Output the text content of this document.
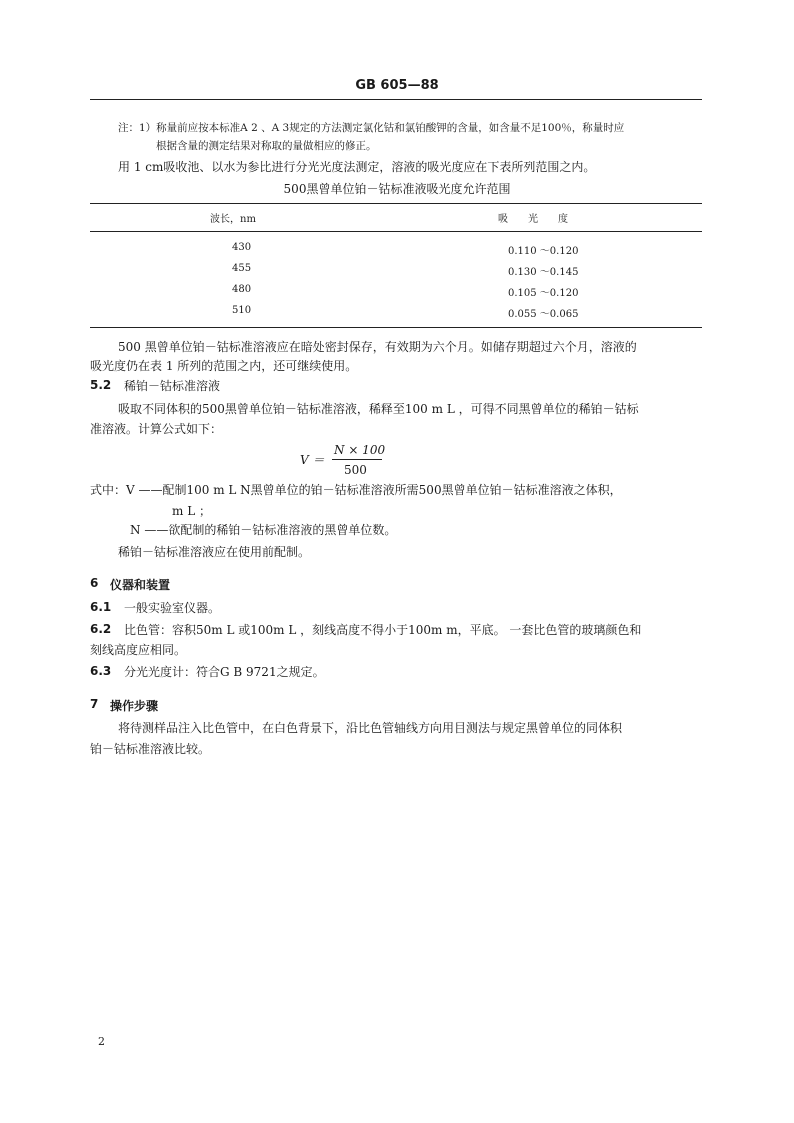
GB 605—88
注：1）称量前应按本标准A 2 、A 3规定的方法测定氯化钴和氯铂酸钾的含量，如含量不足100％，称量时应
根据含量的测定结果对称取的量做相应的修正。
用 1 cm吸收池、以水为参比进行分光光度法测定，溶液的吸光度应在下表所列范围之内。
500黑曾单位铂－钴标准液吸光度允许范围
波长，nm	吸　　光　　度
430	0.110 ～0.120
455	0.130 ～0.145
480	0.105 ～0.120
510	0.055 ～0.065
500 黑曾单位铂－钴标准溶液应在暗处密封保存，有效期为六个月。如储存期超过六个月，溶液的
吸光度仍在表 1 所列的范围之内，还可继续使用。
5.2 稀铂－钴标准溶液
吸取不同体积的500黑曾单位铂－钴标准溶液，稀释至100 m L ，可得不同黑曾单位的稀铂－钴标
准溶液。计算公式如下：
V ＝
N × 100
500
式中：V ——配制100 m L N黑曾单位的铂－钴标准溶液所需500黑曾单位铂－钴标准溶液之体积，
m L ；
N ——欲配制的稀铂－钴标准溶液的黑曾单位数。
稀铂－钴标准溶液应在使用前配制。
6 仪器和装置
6.1 一般实验室仪器。
6.2 比色管：容积50m L 或100m L ，刻线高度不得小于100m m，平底。 一套比色管的玻璃颜色和
刻线高度应相同。
6.3 分光光度计：符合G B 9721之规定。
7 操作步骤
将待测样品注入比色管中，在白色背景下，沿比色管轴线方向用目测法与规定黑曾单位的同体积
铂－钴标准溶液比较。
2
